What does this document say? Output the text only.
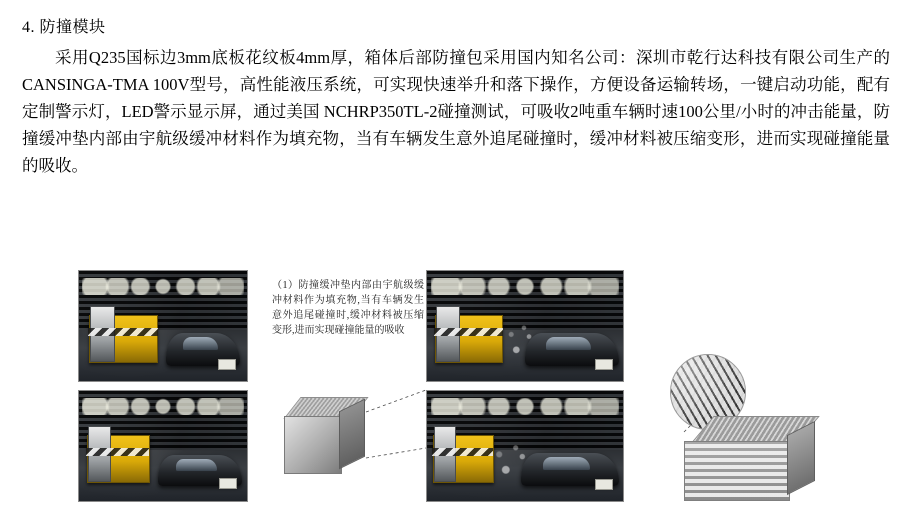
4. 防撞模块
采用Q235国标边3mm底板花纹板4mm厚，箱体后部防撞包采用国内知名公司：深圳市乾行达科技有限公司生产的CANSINGA-TMA 100V型号，高性能液压系统，可实现快速举升和落下操作，方便设备运输转场，一键启动功能，配有定制警示灯，LED警示显示屏，通过美国 NCHRP350TL-2碰撞测试，可吸收2吨重车辆时速100公里/小时的冲击能量，防撞缓冲垫内部由宇航级缓冲材料作为填充物，当有车辆发生意外追尾碰撞时，缓冲材料被压缩变形，进而实现碰撞能量的吸收。
（1）防撞缓冲垫内部由宇航级缓冲材料作为填充物,当有车辆发生意外追尾碰撞时,缓冲材料被压缩变形,进而实现碰撞能量的吸收
